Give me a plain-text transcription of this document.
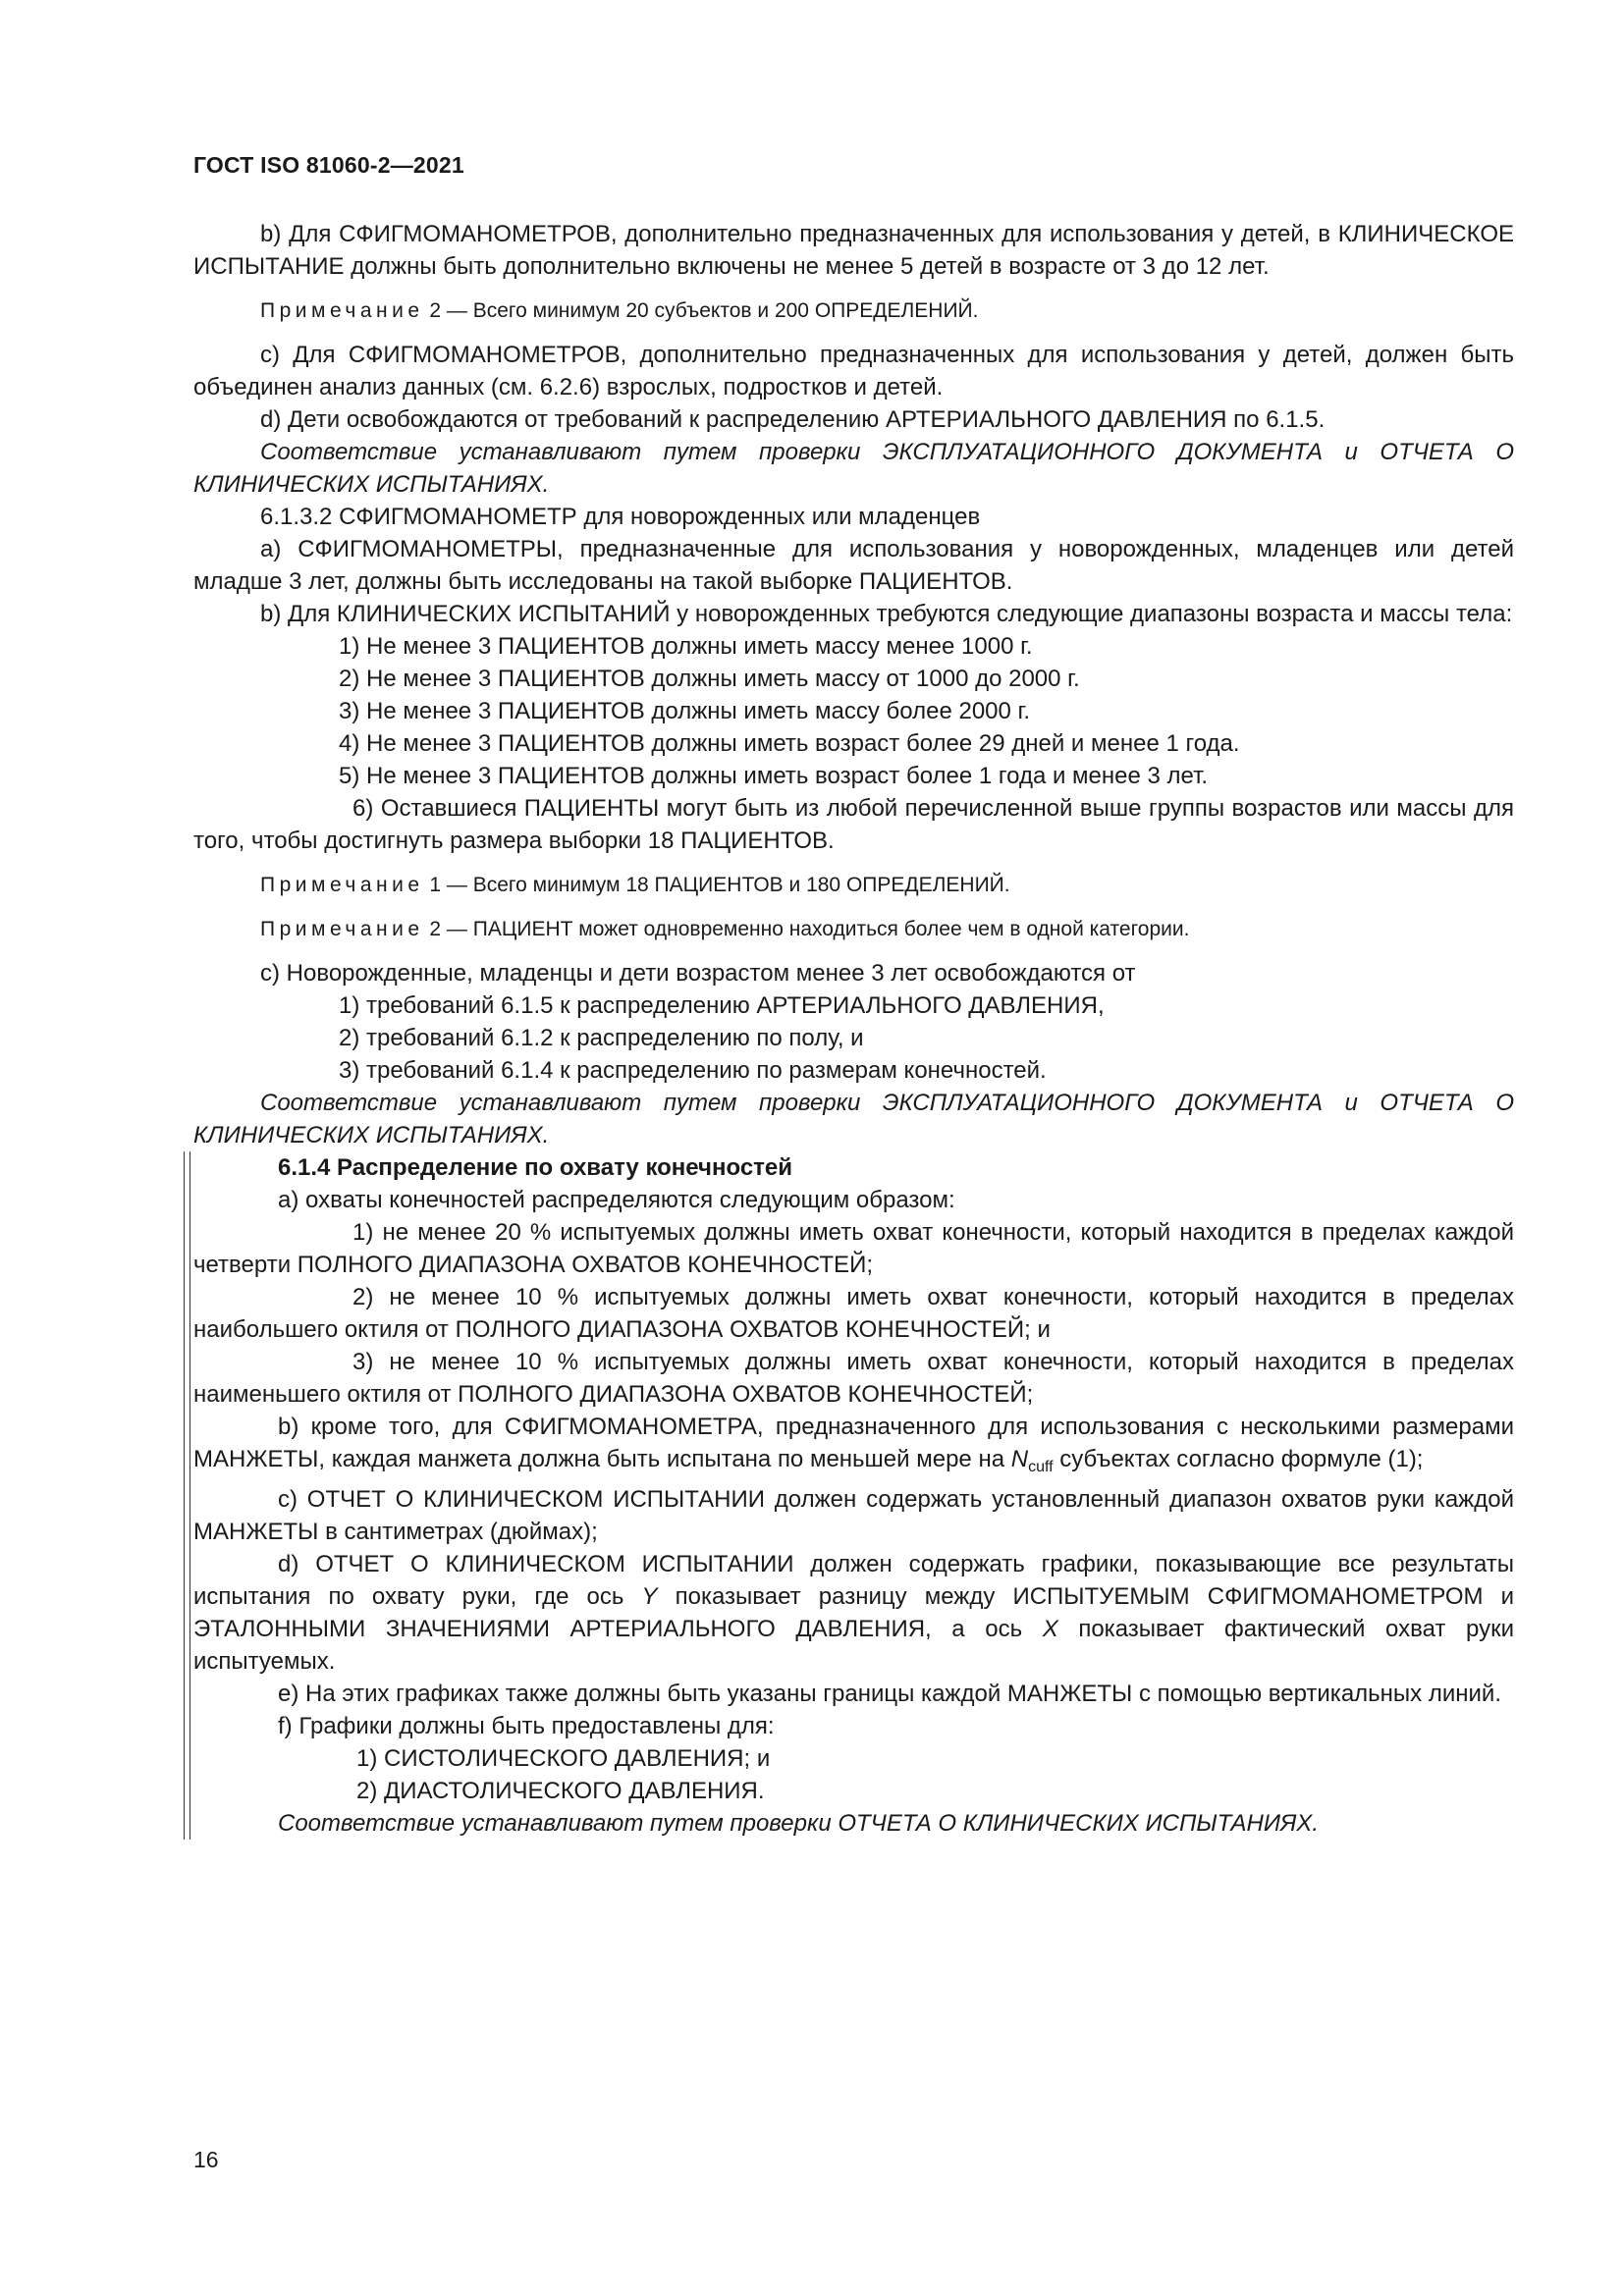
ГОСТ ISO 81060-2—2021

b) Для СФИГМОМАНОМЕТРОВ, дополнительно предназначенных для использования у детей, в КЛИНИЧЕСКОЕ ИСПЫТАНИЕ должны быть дополнительно включены не менее 5 детей в возрасте от 3 до 12 лет.

Примечание 2 — Всего минимум 20 субъектов и 200 ОПРЕДЕЛЕНИЙ.

c) Для СФИГМОМАНОМЕТРОВ, дополнительно предназначенных для использования у детей, должен быть объединен анализ данных (см. 6.2.6) взрослых, подростков и детей.

d) Дети освобождаются от требований к распределению АРТЕРИАЛЬНОГО ДАВЛЕНИЯ по 6.1.5.

Соответствие устанавливают путем проверки ЭКСПЛУАТАЦИОННОГО ДОКУМЕНТА и ОТЧЕТА О КЛИНИЧЕСКИХ ИСПЫТАНИЯХ.

6.1.3.2 СФИГМОМАНОМЕТР для новорожденных или младенцев

a) СФИГМОМАНОМЕТРЫ, предназначенные для использования у новорожденных, младенцев или детей младше 3 лет, должны быть исследованы на такой выборке ПАЦИЕНТОВ.

b) Для КЛИНИЧЕСКИХ ИСПЫТАНИЙ у новорожденных требуются следующие диапазоны возраста и массы тела:

1) Не менее 3 ПАЦИЕНТОВ должны иметь массу менее 1000 г.

2) Не менее 3 ПАЦИЕНТОВ должны иметь массу от 1000 до 2000 г.

3) Не менее 3 ПАЦИЕНТОВ должны иметь массу более 2000 г.

4) Не менее 3 ПАЦИЕНТОВ должны иметь возраст более 29 дней и менее 1 года.

5) Не менее 3 ПАЦИЕНТОВ должны иметь возраст более 1 года и менее 3 лет.

6) Оставшиеся ПАЦИЕНТЫ могут быть из любой перечисленной выше группы возрастов или массы для того, чтобы достигнуть размера выборки 18 ПАЦИЕНТОВ.

Примечание 1 — Всего минимум 18 ПАЦИЕНТОВ и 180 ОПРЕДЕЛЕНИЙ.

Примечание 2 — ПАЦИЕНТ может одновременно находиться более чем в одной категории.

c) Новорожденные, младенцы и дети возрастом менее 3 лет освобождаются от

1) требований 6.1.5 к распределению АРТЕРИАЛЬНОГО ДАВЛЕНИЯ,

2) требований 6.1.2 к распределению по полу, и

3) требований 6.1.4 к распределению по размерам конечностей.

Соответствие устанавливают путем проверки ЭКСПЛУАТАЦИОННОГО ДОКУМЕНТА и ОТЧЕТА О КЛИНИЧЕСКИХ ИСПЫТАНИЯХ.

6.1.4 Распределение по охвату конечностей

a) охваты конечностей распределяются следующим образом:

1) не менее 20 % испытуемых должны иметь охват конечности, который находится в пределах каждой четверти ПОЛНОГО ДИАПАЗОНА ОХВАТОВ КОНЕЧНОСТЕЙ;

2) не менее 10 % испытуемых должны иметь охват конечности, который находится в пределах наибольшего октиля от ПОЛНОГО ДИАПАЗОНА ОХВАТОВ КОНЕЧНОСТЕЙ; и

3) не менее 10 % испытуемых должны иметь охват конечности, который находится в пределах наименьшего октиля от ПОЛНОГО ДИАПАЗОНА ОХВАТОВ КОНЕЧНОСТЕЙ;

b) кроме того, для СФИГМОМАНОМЕТРА, предназначенного для использования с несколькими размерами МАНЖЕТЫ, каждая манжета должна быть испытана по меньшей мере на $N_{cuff}$ субъектах согласно формуле (1);

c) ОТЧЕТ О КЛИНИЧЕСКОМ ИСПЫТАНИИ должен содержать установленный диапазон охватов руки каждой МАНЖЕТЫ в сантиметрах (дюймах);

d) ОТЧЕТ О КЛИНИЧЕСКОМ ИСПЫТАНИИ должен содержать графики, показывающие все результаты испытания по охвату руки, где ось Y показывает разницу между ИСПЫТУЕМЫМ СФИГМОМАНОМЕТРОМ и ЭТАЛОННЫМИ ЗНАЧЕНИЯМИ АРТЕРИАЛЬНОГО ДАВЛЕНИЯ, а ось X показывает фактический охват руки испытуемых.

e) На этих графиках также должны быть указаны границы каждой МАНЖЕТЫ с помощью вертикальных линий.

f) Графики должны быть предоставлены для:

1) СИСТОЛИЧЕСКОГО ДАВЛЕНИЯ; и

2) ДИАСТОЛИЧЕСКОГО ДАВЛЕНИЯ.

Соответствие устанавливают путем проверки ОТЧЕТА О КЛИНИЧЕСКИХ ИСПЫТАНИЯХ.

16
